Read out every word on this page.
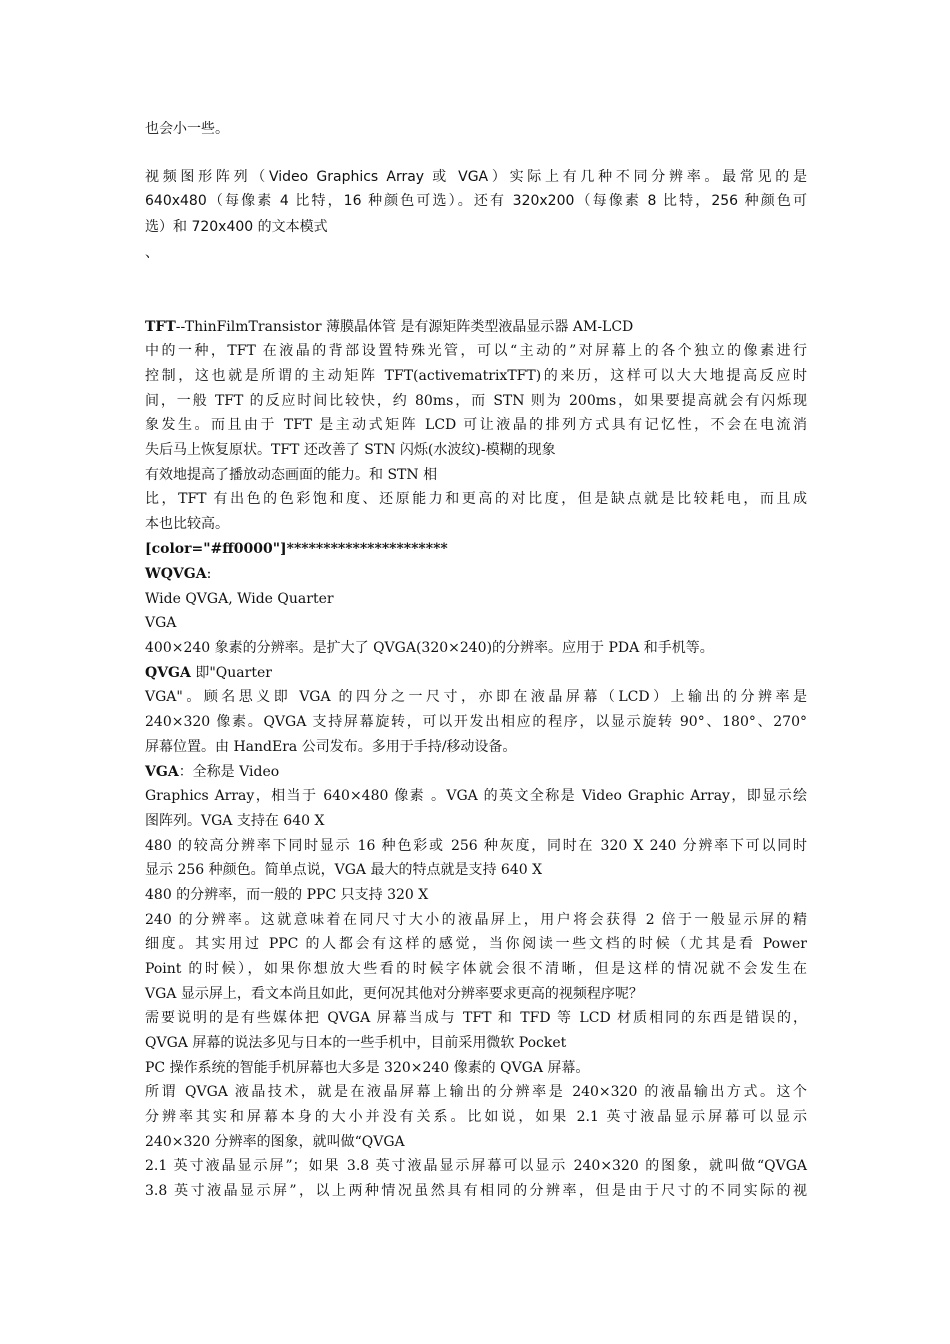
也会小一些。
视频图形阵列（Video Graphics Array 或 VGA）实际上有几种不同分辨率。最常见的是
640x480（每像素 4 比特，16 种颜色可选）。还有 320x200（每像素 8 比特，256 种颜色可
选）和 720x400 的文本模式
、
TFT--ThinFilmTransistor 薄膜晶体管 是有源矩阵类型液晶显示器 AM-LCD
中的一种，TFT 在液晶的背部设置特殊光管，可以“主动的”对屏幕上的各个独立的像素进行
控制，这也就是所谓的主动矩阵 TFT(activematrixTFT)的来历，这样可以大大地提高反应时
间，一般 TFT 的反应时间比较快，约 80ms，而 STN 则为 200ms，如果要提高就会有闪烁现
象发生。而且由于 TFT 是主动式矩阵 LCD 可让液晶的排列方式具有记忆性，不会在电流消
失后马上恢复原状。TFT 还改善了 STN 闪烁(水波纹)-模糊的现象
有效地提高了播放动态画面的能力。和 STN 相
比，TFT 有出色的色彩饱和度、还原能力和更高的对比度，但是缺点就是比较耗电，而且成
本也比较高。
[color="#ff0000"]**********************
WQVGA:
Wide QVGA, Wide Quarter
VGA
400×240 象素的分辨率。是扩大了 QVGA(320×240)的分辨率。应用于 PDA 和手机等。
QVGA 即"Quarter
VGA"。顾名思义即 VGA 的四分之一尺寸，亦即在液晶屏幕（LCD）上输出的分辨率是
240×320 像素。QVGA 支持屏幕旋转，可以开发出相应的程序，以显示旋转 90°、180°、270°
屏幕位置。由 HandEra 公司发布。多用于手持/移动设备。
VGA：全称是 Video
Graphics Array，相当于 640×480 像素 。VGA 的英文全称是 Video Graphic Array，即显示绘
图阵列。VGA 支持在 640 X
480 的较高分辨率下同时显示 16 种色彩或 256 种灰度，同时在 320 X 240 分辨率下可以同时
显示 256 种颜色。简单点说，VGA 最大的特点就是支持 640 X
480 的分辨率，而一般的 PPC 只支持 320 X
240 的分辨率。这就意味着在同尺寸大小的液晶屏上，用户将会获得 2 倍于一般显示屏的精
细度。其实用过 PPC 的人都会有这样的感觉，当你阅读一些文档的时候（尤其是看 Power
Point 的时候），如果你想放大些看的时候字体就会很不清晰，但是这样的情况就不会发生在
VGA 显示屏上，看文本尚且如此，更何况其他对分辨率要求更高的视频程序呢？
需要说明的是有些媒体把 QVGA 屏幕当成与 TFT 和 TFD 等 LCD 材质相同的东西是错误的，
QVGA 屏幕的说法多见与日本的一些手机中，目前采用微软 Pocket
PC 操作系统的智能手机屏幕也大多是 320×240 像素的 QVGA 屏幕。
所谓 QVGA 液晶技术，就是在液晶屏幕上输出的分辨率是 240×320 的液晶输出方式。这个
分辨率其实和屏幕本身的大小并没有关系。比如说，如果 2.1 英寸液晶显示屏幕可以显示
240×320 分辨率的图象，就叫做“QVGA
2.1 英寸液晶显示屏”；如果 3.8 英寸液晶显示屏幕可以显示 240×320 的图象，就叫做“QVGA
3.8 英寸液晶显示屏”，以上两种情况虽然具有相同的分辨率，但是由于尺寸的不同实际的视
